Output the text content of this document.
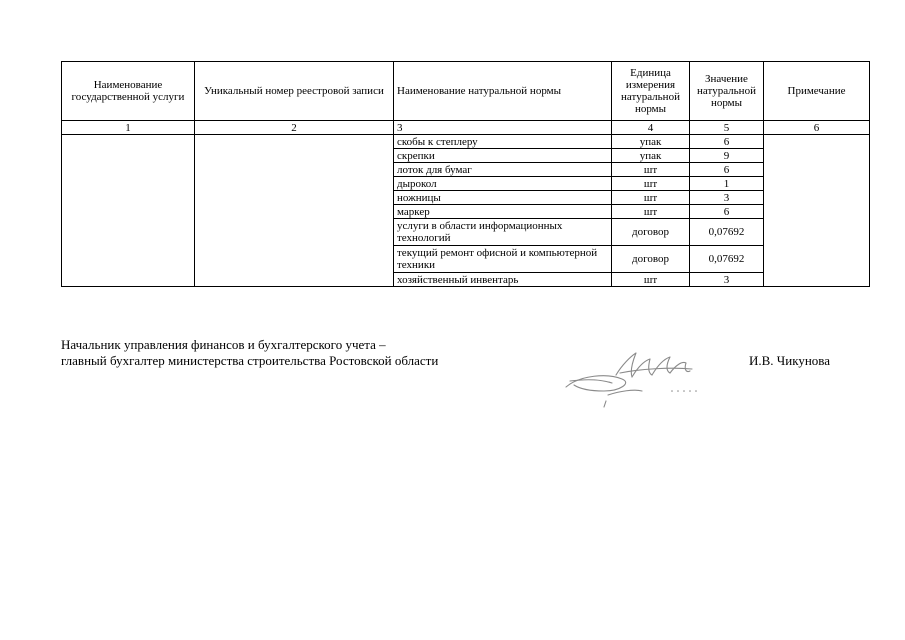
Наименование государственной услуги	Уникальный номер реестровой записи	Наименование натуральной нормы	Единица измерения натуральной нормы	Значение натуральной нормы	Примечание
1	2	3	4	5	6
		скобы к степлеру	упак	6	
		скрепки	упак	9	
		лоток для бумаг	шт	6	
		дырокол	шт	1	
		ножницы	шт	3	
		маркер	шт	6	
		услуги в области информационных технологий	договор	0,07692	
		текущий ремонт офисной и компьютерной техники	договор	0,07692	
		хозяйственный инвентарь	шт	3	
Начальник управления финансов и бухгалтерского учета –
главный бухгалтер министерства строительства Ростовской области	И.В. Чикунова
